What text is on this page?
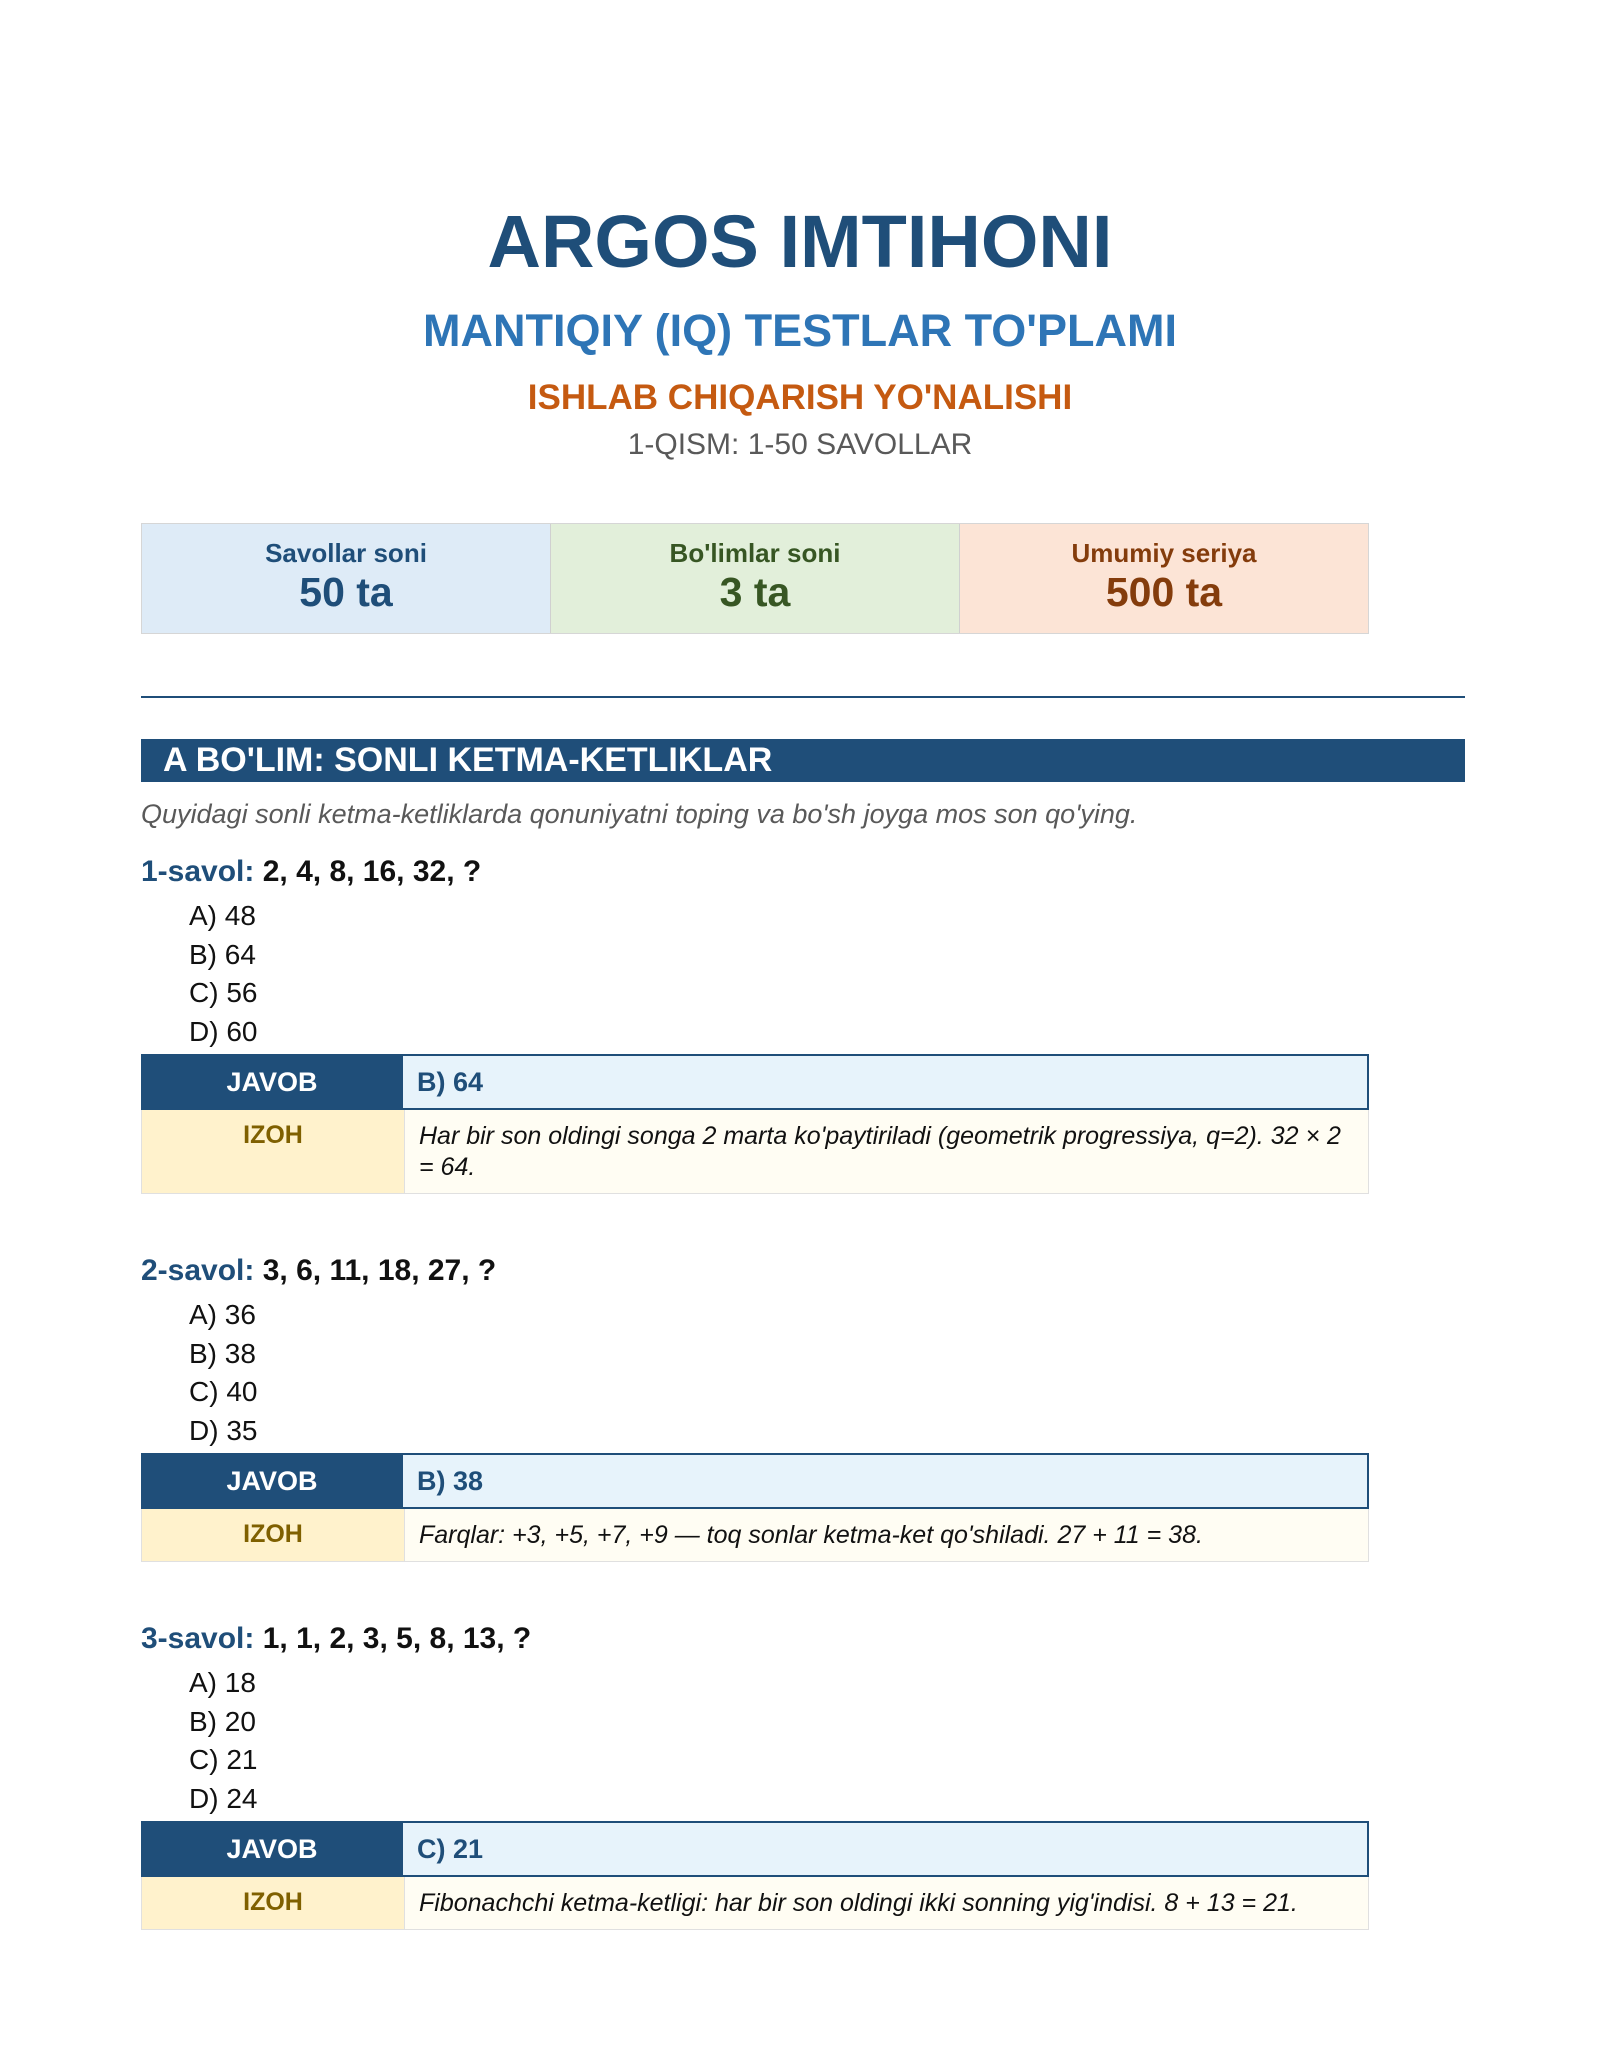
ARGOS IMTIHONI
MANTIQIY (IQ) TESTLAR TO'PLAMI
ISHLAB CHIQARISH YO'NALISHI
1-QISM: 1-50 SAVOLLAR
Savollar soni
50 ta
Bo'limlar soni
3 ta
Umumiy seriya
500 ta
A BO'LIM: SONLI KETMA-KETLIKLAR
Quyidagi sonli ketma-ketliklarda qonuniyatni toping va bo'sh joyga mos son qo'ying.
1-savol: 2, 4, 8, 16, 32, ?
A) 48
B) 64
C) 56
D) 60
JAVOB	B) 64
IZOH	Har bir son oldingi songa 2 marta ko'paytiriladi (geometrik progressiya, q=2). 32 × 2 = 64.
2-savol: 3, 6, 11, 18, 27, ?
A) 36
B) 38
C) 40
D) 35
JAVOB	B) 38
IZOH	Farqlar: +3, +5, +7, +9 — toq sonlar ketma-ket qo'shiladi. 27 + 11 = 38.
3-savol: 1, 1, 2, 3, 5, 8, 13, ?
A) 18
B) 20
C) 21
D) 24
JAVOB	C) 21
IZOH	Fibonachchi ketma-ketligi: har bir son oldingi ikki sonning yig'indisi. 8 + 13 = 21.
